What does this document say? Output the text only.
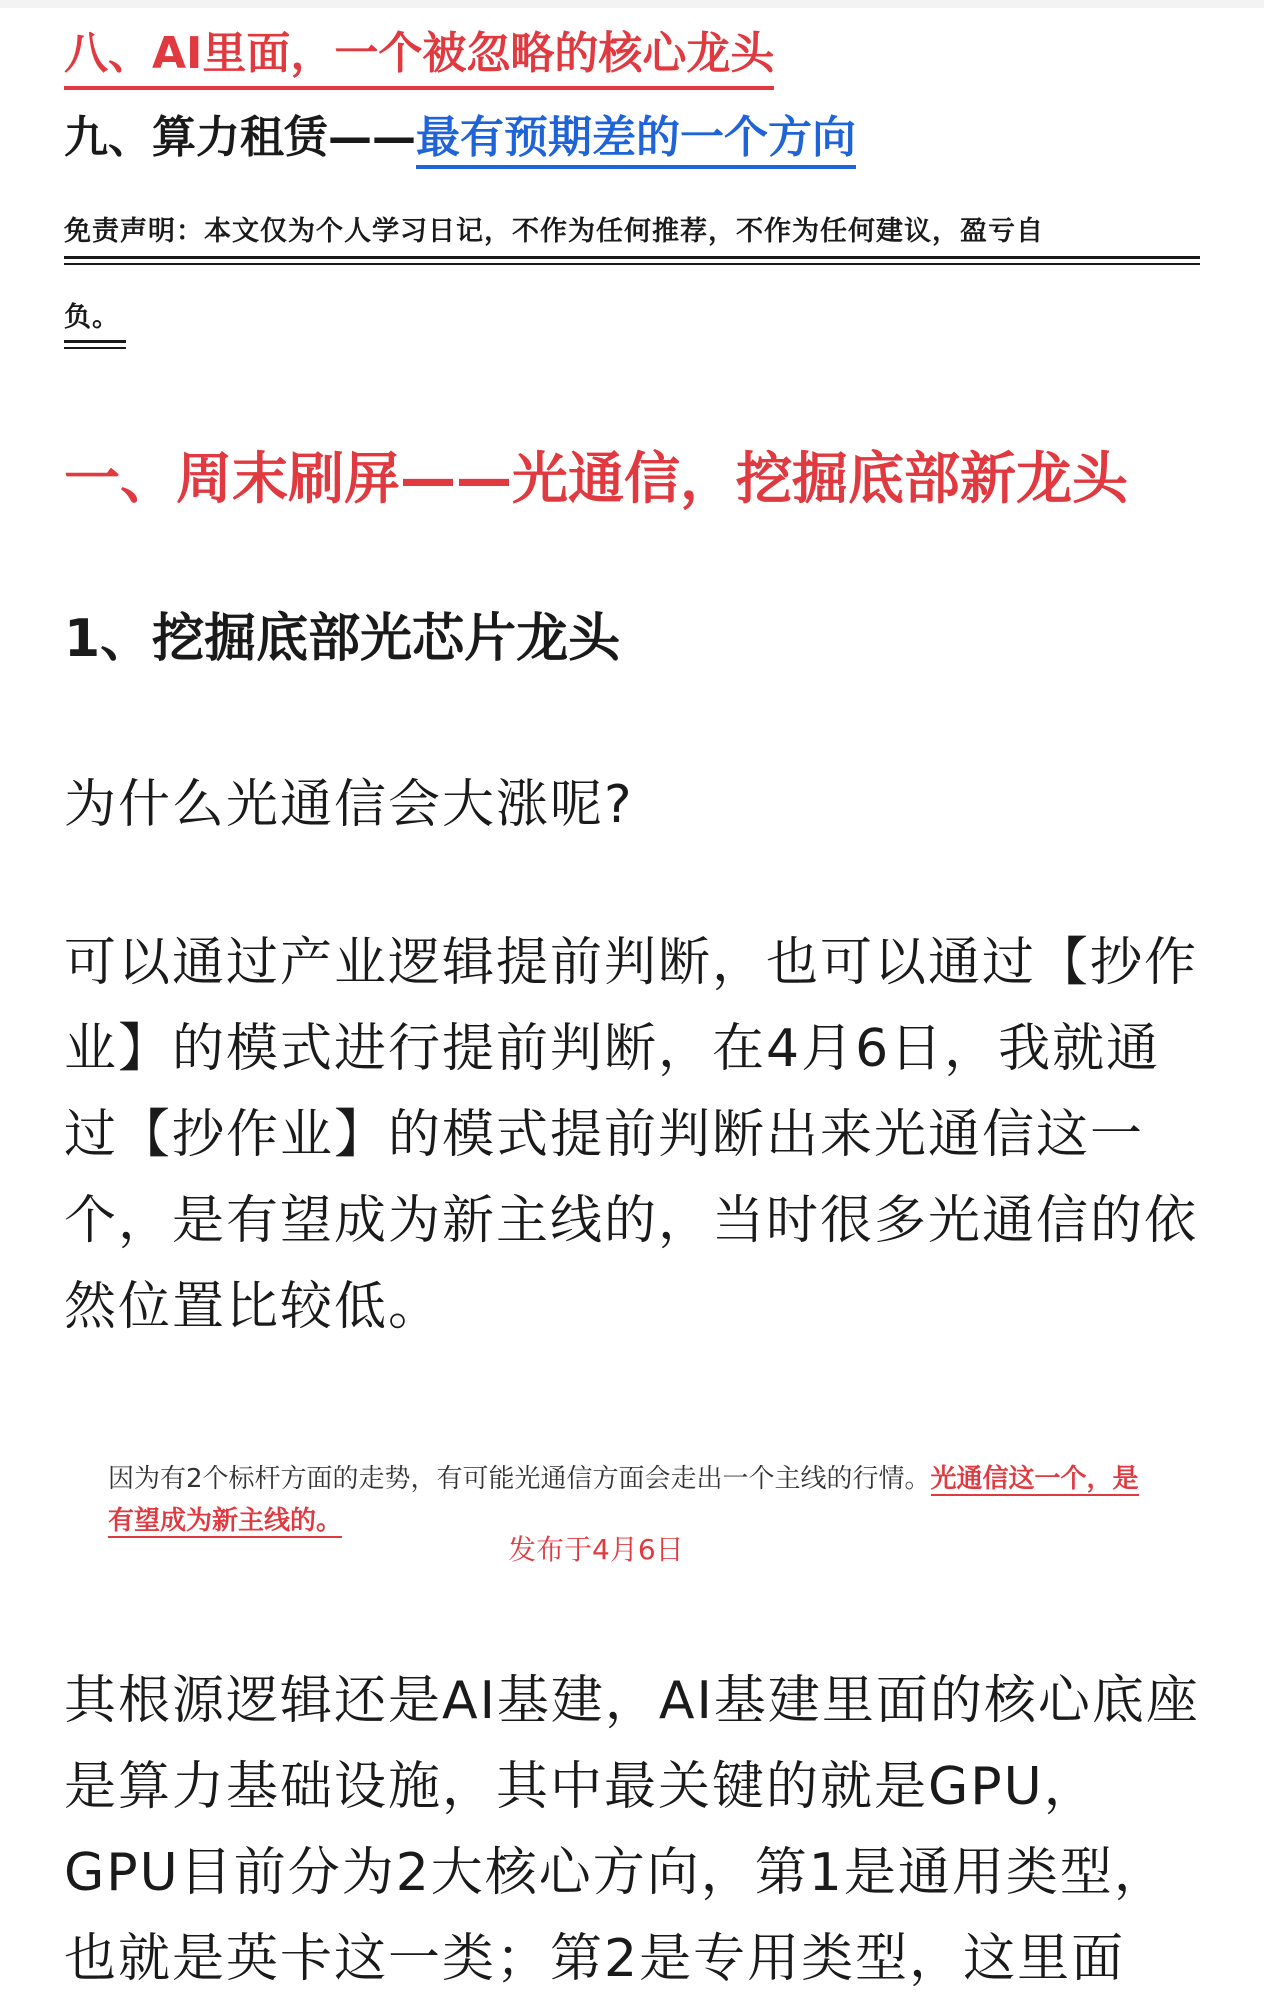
八、AI里面，一个被忽略的核心龙头
九、算力租赁——最有预期差的一个方向
免责声明：本文仅为个人学习日记，不作为任何推荐，不作为任何建议，盈亏自
负。
一、周末刷屏——光通信，挖掘底部新龙头
1、挖掘底部光芯片龙头
为什么光通信会大涨呢?
可以通过产业逻辑提前判断，也可以通过【抄作业】的模式进行提前判断，在4月6日，我就通过【抄作业】的模式提前判断出来光通信这一个，是有望成为新主线的，当时很多光通信的依然位置比较低。
因为有2个标杆方面的走势，有可能光通信方面会走出一个主线的行情。光通信这一个，是有望成为新主线的。
发布于4月6日
其根源逻辑还是AI基建，AI基建里面的核心底座是算力基础设施，其中最关键的就是GPU，GPU目前分为2大核心方向，第1是通用类型，也就是英卡这一类；第2是专用类型，这里面
